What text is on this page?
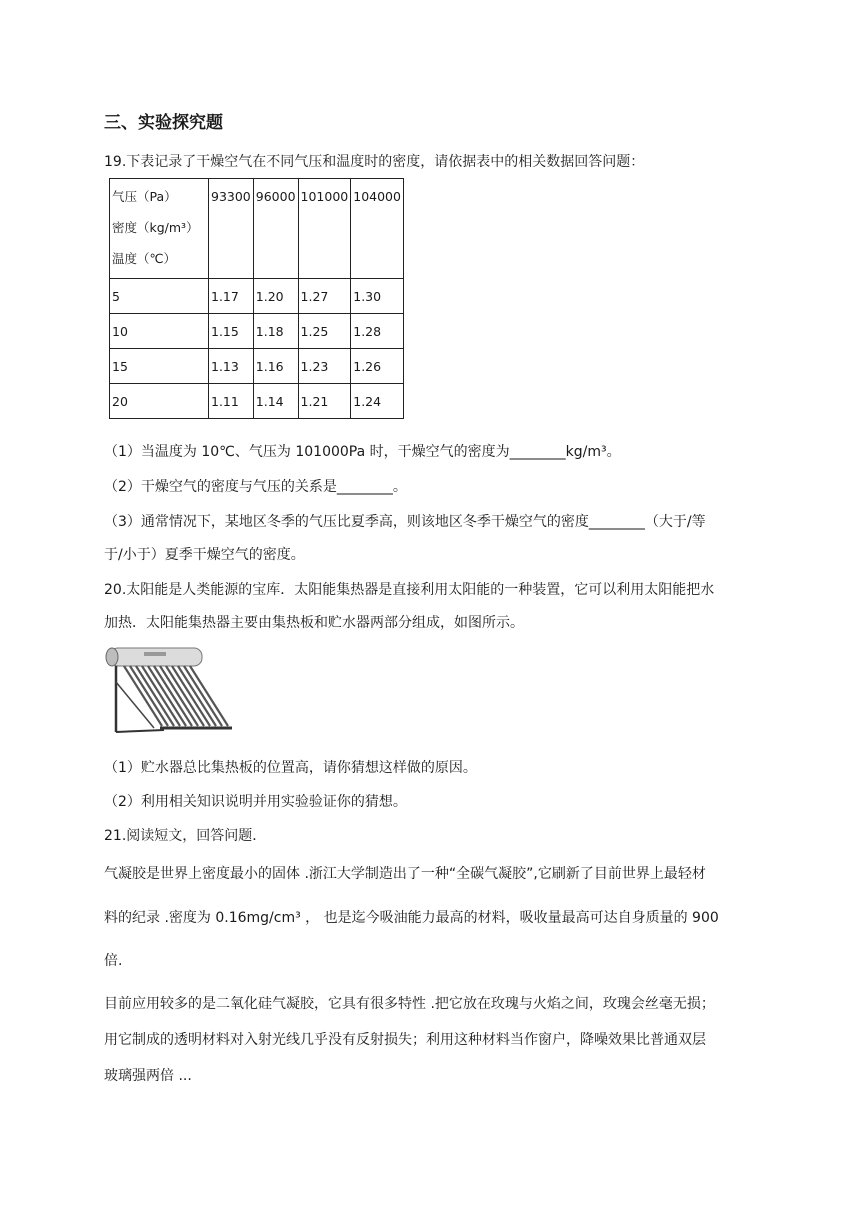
三、实验探究题
19.下表记录了干燥空气在不同气压和温度时的密度，请依据表中的相关数据回答问题：
气压（Pa）
密度（kg/m³）
温度（℃）	93300	96000	101000	104000
5	1.17	1.20	1.27	1.30
10	1.15	1.18	1.25	1.28
15	1.13	1.16	1.23	1.26
20	1.11	1.14	1.21	1.24
（1）当温度为 10℃、气压为 101000Pa 时，干燥空气的密度为________kg/m³。
（2）干燥空气的密度与气压的关系是________。
（3）通常情况下，某地区冬季的气压比夏季高，则该地区冬季干燥空气的密度________（大于/等
于/小于）夏季干燥空气的密度。
20.太阳能是人类能源的宝库．太阳能集热器是直接利用太阳能的一种装置，它可以利用太阳能把水
加热．太阳能集热器主要由集热板和贮水器两部分组成，如图所示。
（1）贮水器总比集热板的位置高，请你猜想这样做的原因。
（2）利用相关知识说明并用实验验证你的猜想。
21.阅读短文，回答问题．
气凝胶是世界上密度最小的固体 .浙江大学制造出了一种“全碳气凝胶”,它刷新了目前世界上最轻材
料的纪录 .密度为 0.16mg/cm³ ， 也是迄今吸油能力最高的材料，吸收量最高可达自身质量的 900
倍.
目前应用较多的是二氧化硅气凝胶，它具有很多特性 .把它放在玫瑰与火焰之间，玫瑰会丝毫无损；
用它制成的透明材料对入射光线几乎没有反射损失；利用这种材料当作窗户，降噪效果比普通双层
玻璃强两倍 ...
